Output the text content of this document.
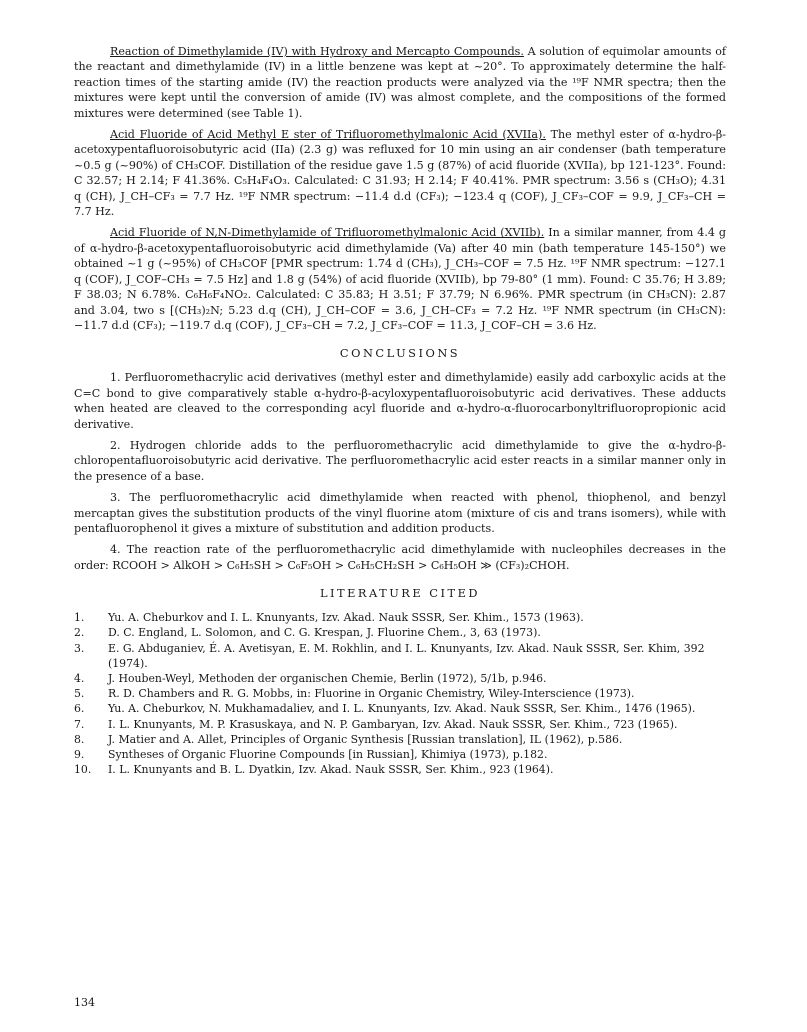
Reaction of Dimethylamide (IV) with Hydroxy and Mercapto Compounds. A solution of equimolar amounts of the reactant and dimethylamide (IV) in a little benzene was kept at ~20°. To approximately determine the half-reaction times of the starting amide (IV) the reaction products were analyzed via the ¹⁹F NMR spectra; then the mixtures were kept until the conversion of amide (IV) was almost complete, and the compositions of the formed mixtures were determined (see Table 1).

Acid Fluoride of Acid Methyl E ster of Trifluoromethylmalonic Acid (XVIIa). The methyl ester of α-hydro-β-acetoxypentafluoroisobutyric acid (IIa) (2.3 g) was refluxed for 10 min using an air condenser (bath temperature ~0.5 g (~90%) of CH₃COF. Distillation of the residue gave 1.5 g (87%) of acid fluoride (XVIIa), bp 121-123°. Found: C 32.57; H 2.14; F 41.36%. C₅H₄F₄O₃. Calculated: C 31.93; H 2.14; F 40.41%. PMR spectrum: 3.56 s (CH₃O); 4.31 q (CH), J_CH–CF₃ = 7.7 Hz. ¹⁹F NMR spectrum: −11.4 d.d (CF₃); −123.4 q (COF), J_CF₃–COF = 9.9, J_CF₃–CH = 7.7 Hz.

Acid Fluoride of N,N-Dimethylamide of Trifluoromethylmalonic Acid (XVIIb). In a similar manner, from 4.4 g of α-hydro-β-acetoxypentafluoroisobutyric acid dimethylamide (Va) after 40 min (bath temperature 145-150°) we obtained ~1 g (~95%) of CH₃COF [PMR spectrum: 1.74 d (CH₃), J_CH₃–COF = 7.5 Hz. ¹⁹F NMR spectrum: −127.1 q (COF), J_COF–CH₃ = 7.5 Hz] and 1.8 g (54%) of acid fluoride (XVIIb), bp 79-80° (1 mm). Found: C 35.76; H 3.89; F 38.03; N 6.78%. C₆H₆F₄NO₂. Calculated: C 35.83; H 3.51; F 37.79; N 6.96%. PMR spectrum (in CH₃CN): 2.87 and 3.04, two s [(CH₃)₂N; 5.23 d.q (CH), J_CH–COF = 3.6, J_CH–CF₃ = 7.2 Hz. ¹⁹F NMR spectrum (in CH₃CN): −11.7 d.d (CF₃); −119.7 d.q (COF), J_CF₃–CH = 7.2, J_CF₃–COF = 11.3, J_COF–CH = 3.6 Hz.

CONCLUSIONS

1. Perfluoromethacrylic acid derivatives (methyl ester and dimethylamide) easily add carboxylic acids at the C=C bond to give comparatively stable α-hydro-β-acyloxypentafluoroisobutyric acid derivatives. These adducts when heated are cleaved to the corresponding acyl fluoride and α-hydro-α-fluorocarbonyltrifluoropropionic acid derivative.

2. Hydrogen chloride adds to the perfluoromethacrylic acid dimethylamide to give the α-hydro-β-chloropentafluoroisobutyric acid derivative. The perfluoromethacrylic acid ester reacts in a similar manner only in the presence of a base.

3. The perfluoromethacrylic acid dimethylamide when reacted with phenol, thiophenol, and benzyl mercaptan gives the substitution products of the vinyl fluorine atom (mixture of cis and trans isomers), while with pentafluorophenol it gives a mixture of substitution and addition products.

4. The reaction rate of the perfluoromethacrylic acid dimethylamide with nucleophiles decreases in the order: RCOOH > AlkOH > C₆H₅SH > C₆F₅OH > C₆H₅CH₂SH > C₆H₅OH ≫ (CF₃)₂CHOH.

LITERATURE CITED
1.	Yu. A. Cheburkov and I. L. Knunyants, Izv. Akad. Nauk SSSR, Ser. Khim., 1573 (1963).
2.	D. C. England, L. Solomon, and C. G. Krespan, J. Fluorine Chem., 3, 63 (1973).
3.	E. G. Abduganiev, É. A. Avetisyan, E. M. Rokhlin, and I. L. Knunyants, Izv. Akad. Nauk SSSR, Ser. Khim, 392 (1974).
4.	J. Houben-Weyl, Methoden der organischen Chemie, Berlin (1972), 5/1b, p.946.
5.	R. D. Chambers and R. G. Mobbs, in: Fluorine in Organic Chemistry, Wiley-Interscience (1973).
6.	Yu. A. Cheburkov, N. Mukhamadaliev, and I. L. Knunyants, Izv. Akad. Nauk SSSR, Ser. Khim., 1476 (1965).
7.	I. L. Knunyants, M. P. Krasuskaya, and N. P. Gambaryan, Izv. Akad. Nauk SSSR, Ser. Khim., 723 (1965).
8.	J. Matier and A. Allet, Principles of Organic Synthesis [Russian translation], IL (1962), p.586.
9.	Syntheses of Organic Fluorine Compounds [in Russian], Khimiya (1973), p.182.
10.	I. L. Knunyants and B. L. Dyatkin, Izv. Akad. Nauk SSSR, Ser. Khim., 923 (1964).
134
